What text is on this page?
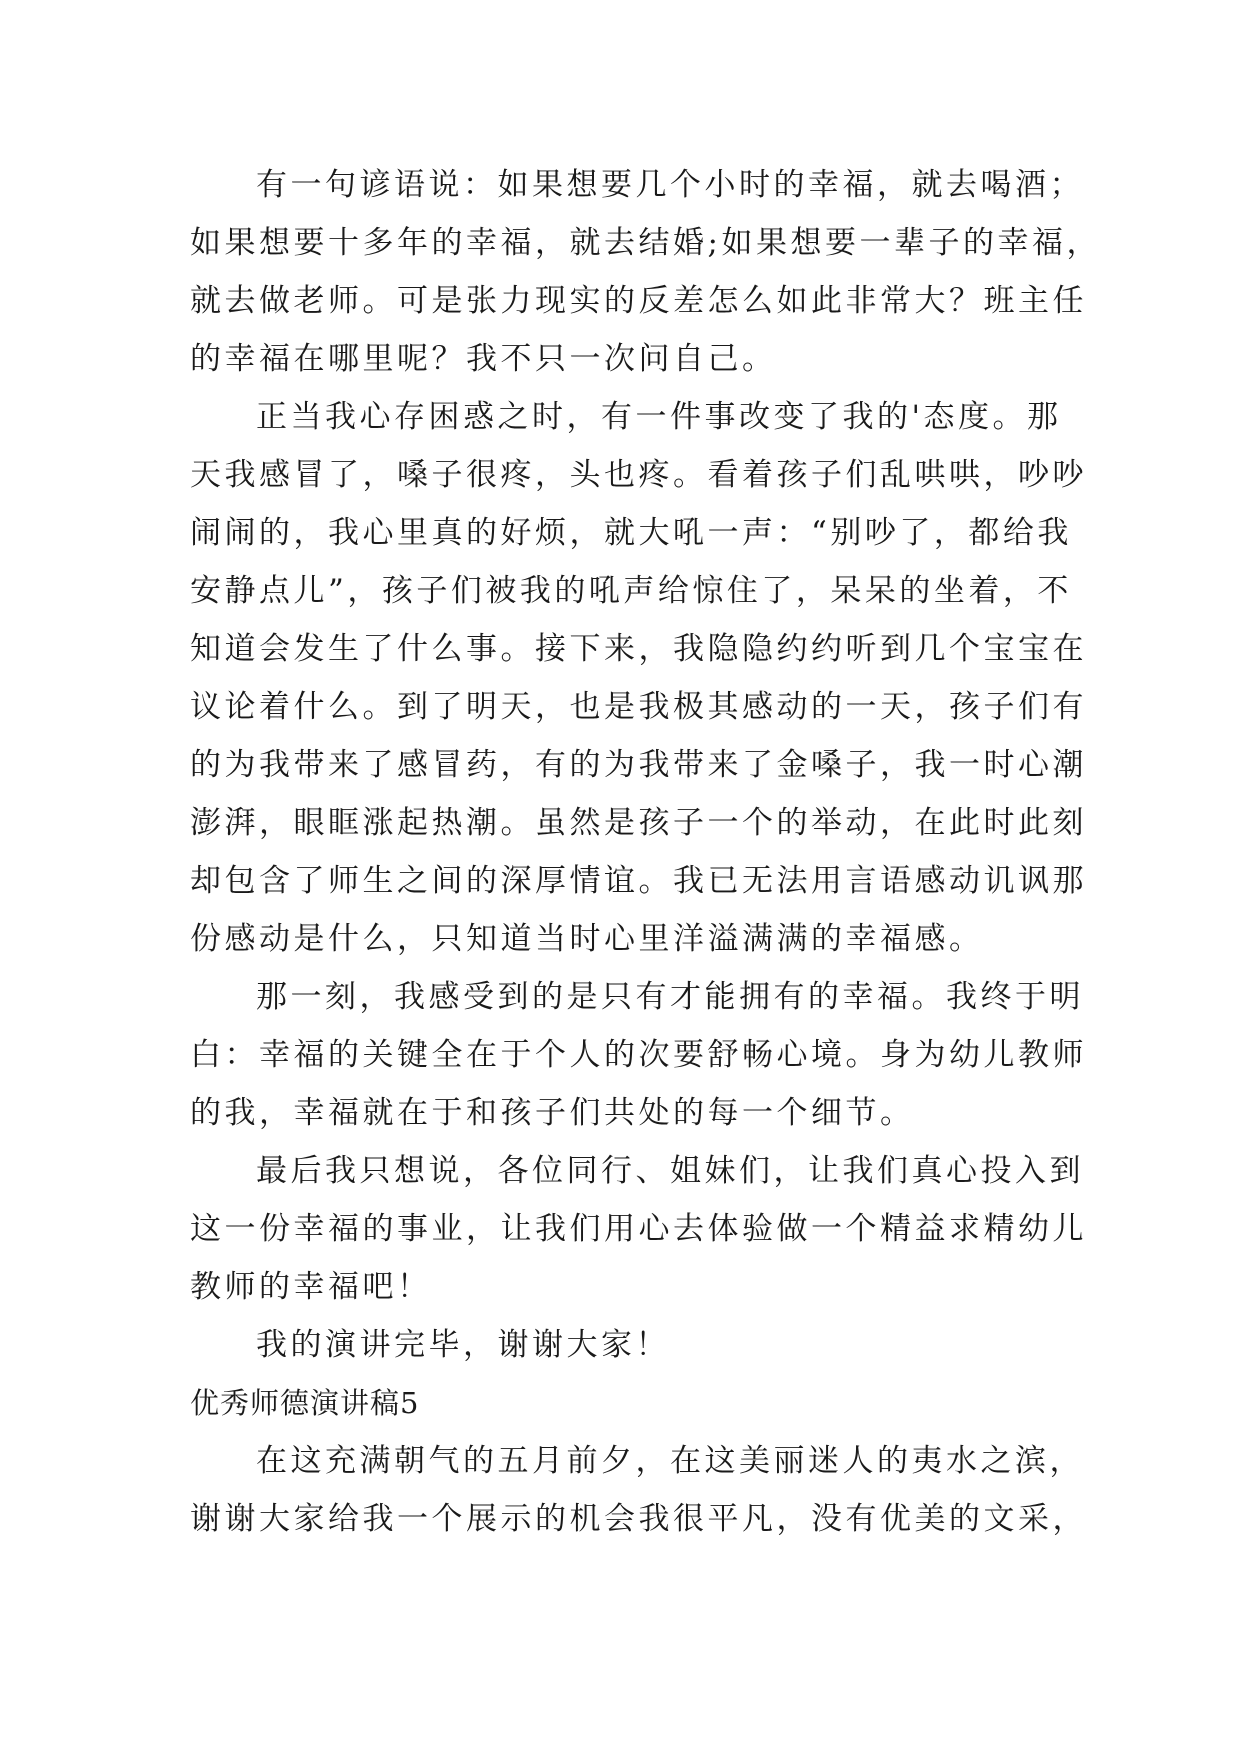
有一句谚语说：如果想要几个小时的幸福，就去喝酒；
如果想要十多年的幸福，就去结婚;如果想要一辈子的幸福，
就去做老师。可是张力现实的反差怎么如此非常大？班主任
的幸福在哪里呢？我不只一次问自己。
正当我心存困惑之时，有一件事改变了我的'态度。那
天我感冒了，嗓子很疼，头也疼。看着孩子们乱哄哄，吵吵
闹闹的，我心里真的好烦，就大吼一声：“别吵了，都给我
安静点儿”，孩子们被我的吼声给惊住了，呆呆的坐着，不
知道会发生了什么事。接下来，我隐隐约约听到几个宝宝在
议论着什么。到了明天，也是我极其感动的一天，孩子们有
的为我带来了感冒药，有的为我带来了金嗓子，我一时心潮
澎湃，眼眶涨起热潮。虽然是孩子一个的举动，在此时此刻
却包含了师生之间的深厚情谊。我已无法用言语感动讥讽那
份感动是什么，只知道当时心里洋溢满满的幸福感。
那一刻，我感受到的是只有才能拥有的幸福。我终于明
白：幸福的关键全在于个人的次要舒畅心境。身为幼儿教师
的我，幸福就在于和孩子们共处的每一个细节。
最后我只想说，各位同行、姐妹们，让我们真心投入到
这一份幸福的事业，让我们用心去体验做一个精益求精幼儿
教师的幸福吧！
我的演讲完毕，谢谢大家！
优秀师德演讲稿5
在这充满朝气的五月前夕，在这美丽迷人的夷水之滨，
谢谢大家给我一个展示的机会我很平凡，没有优美的文采，
